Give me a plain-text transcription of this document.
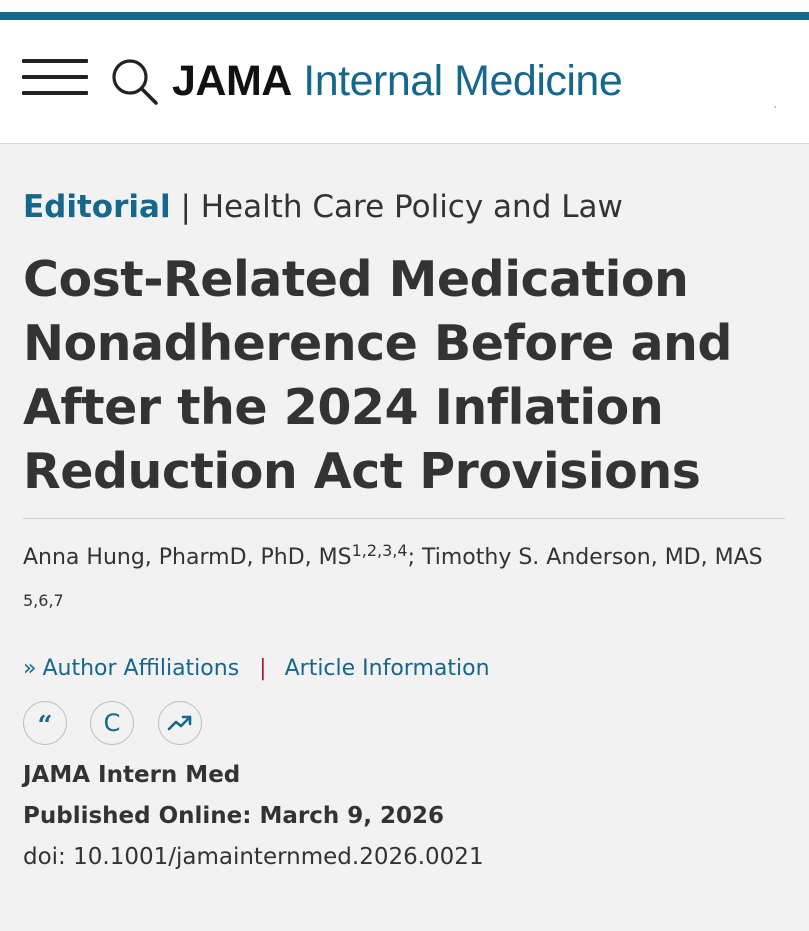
JAMA Internal Medicine
Editorial | Health Care Policy and Law
Cost-Related Medication Nonadherence Before and After the 2024 Inflation Reduction Act Provisions
Anna Hung, PharmD, PhD, MS$^{1,2,3,4}$; Timothy S. Anderson, MD, MAS
5,6,7
» Author Affiliations | Article Information
“ C
JAMA Intern Med
Published Online: March 9, 2026
doi: 10.1001/jamainternmed.2026.0021
